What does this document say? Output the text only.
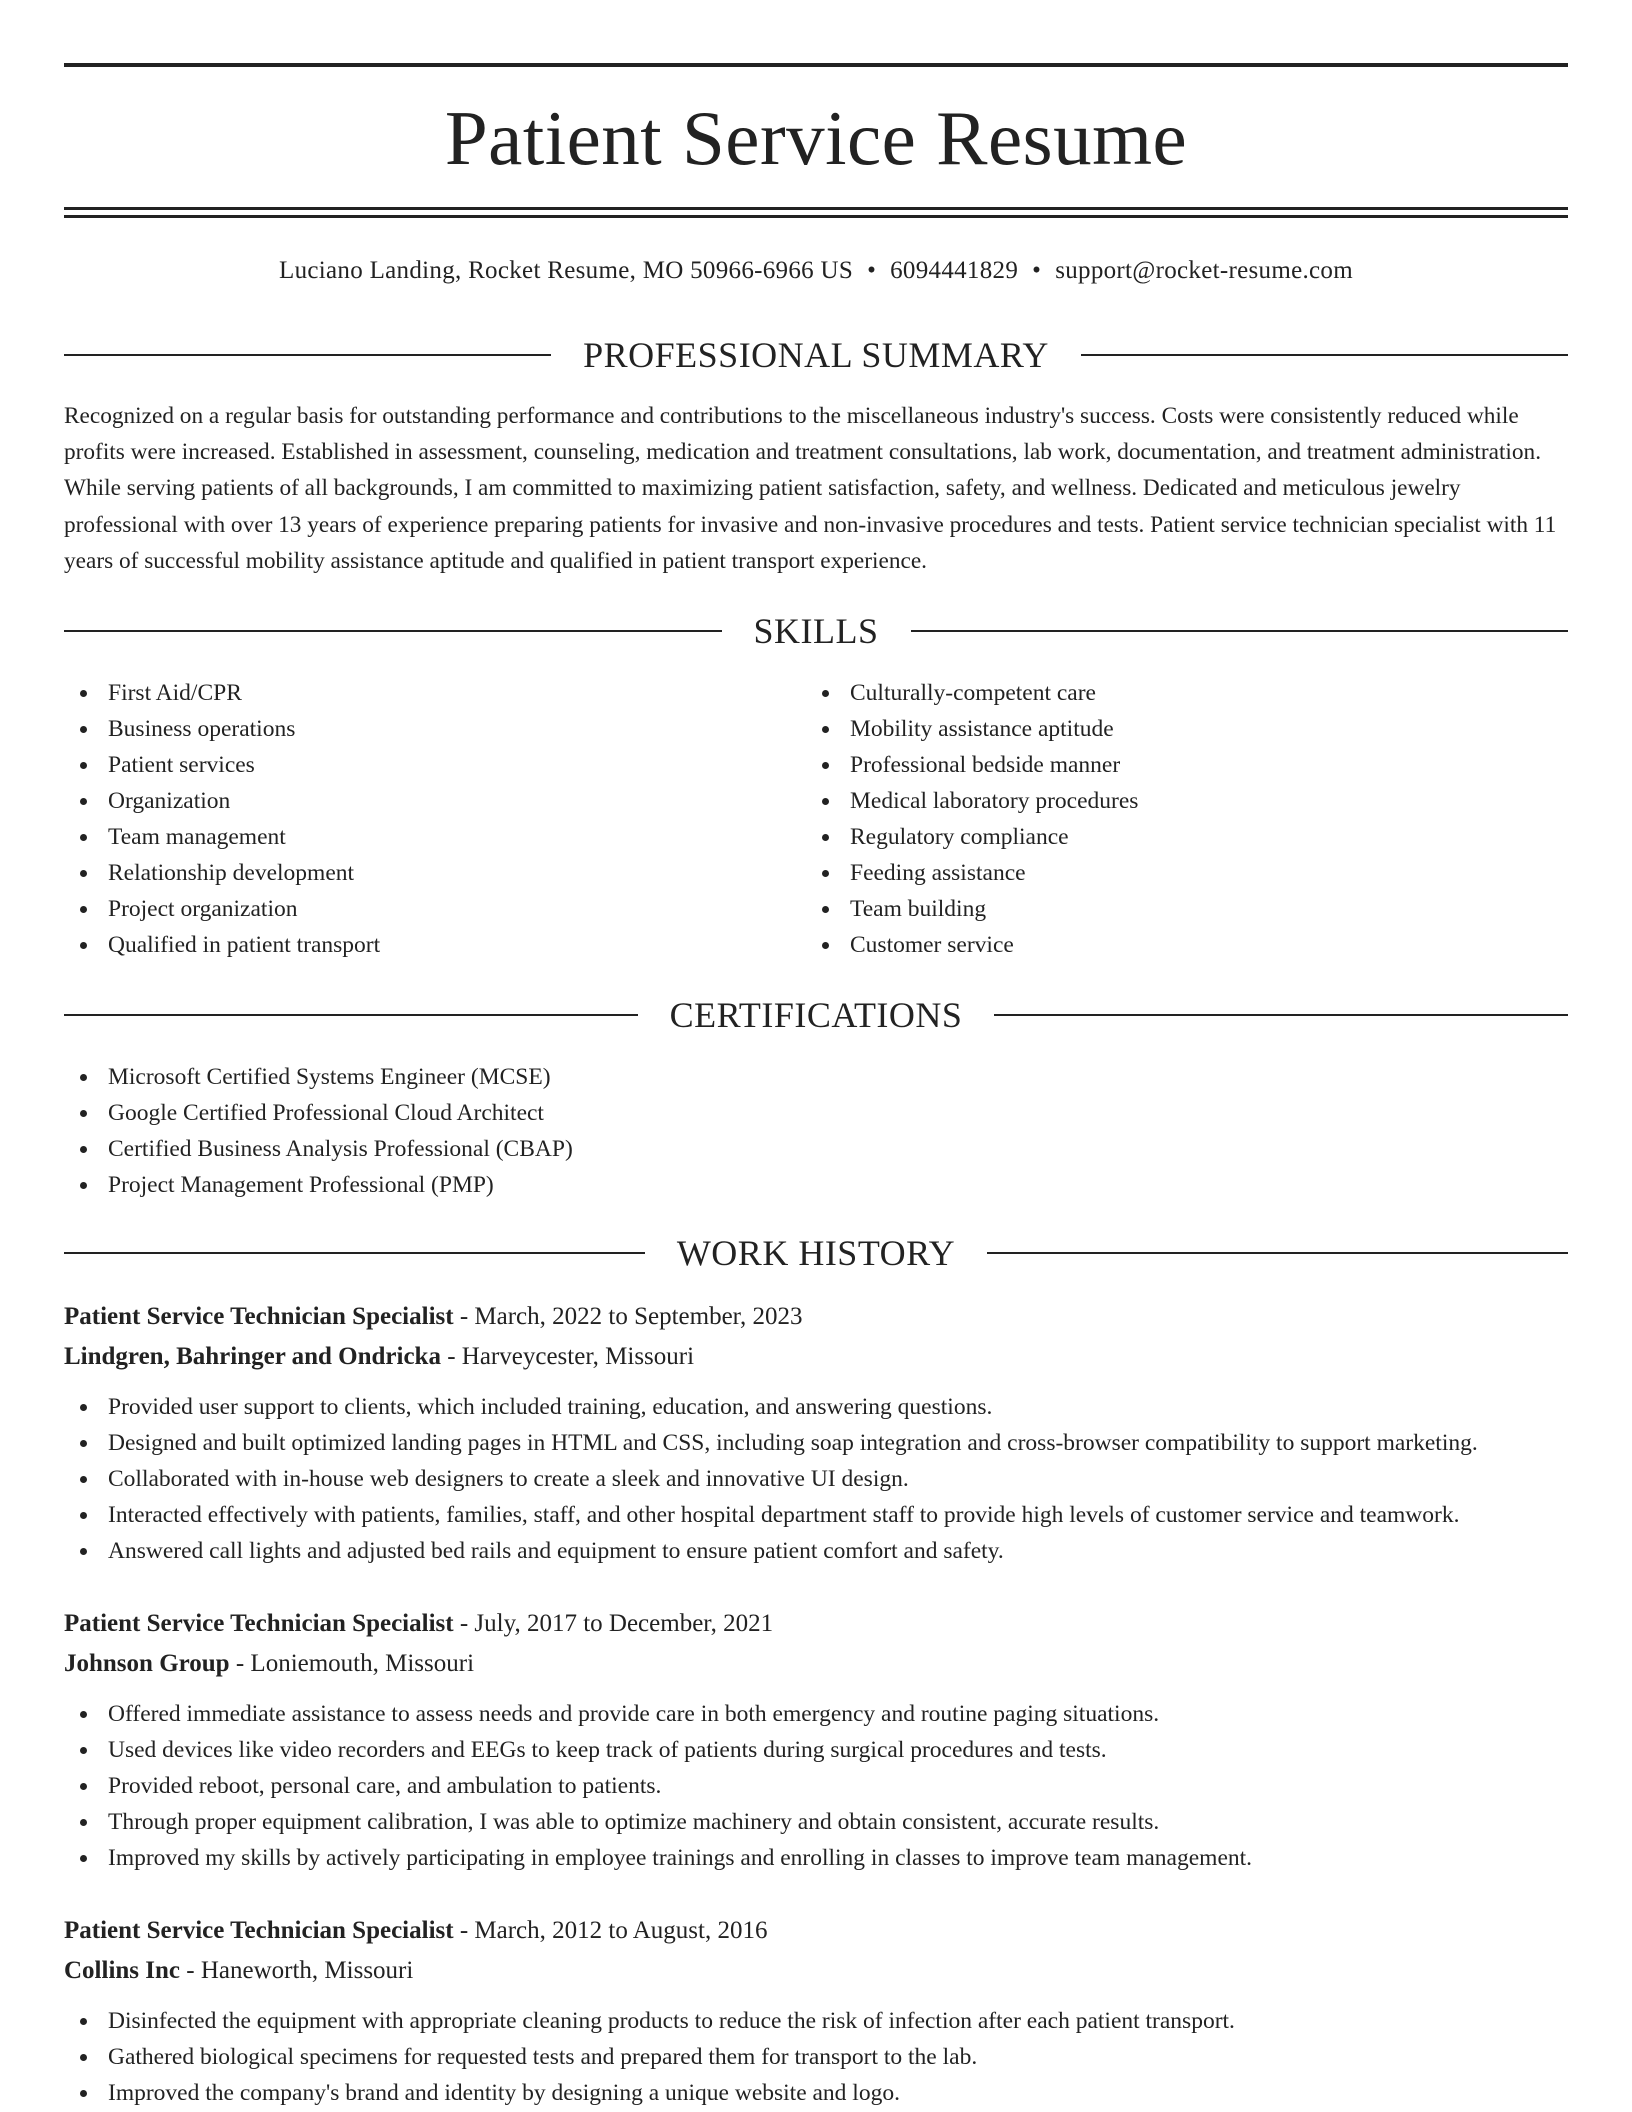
Patient Service Resume
Luciano Landing, Rocket Resume, MO 50966-6966 US • 6094441829 • support@rocket-resume.com
PROFESSIONAL SUMMARY

Recognized on a regular basis for outstanding performance and contributions to the miscellaneous industry's success. Costs were consistently reduced while profits were increased. Established in assessment, counseling, medication and treatment consultations, lab work, documentation, and treatment administration. While serving patients of all backgrounds, I am committed to maximizing patient satisfaction, safety, and wellness. Dedicated and meticulous jewelry professional with over 13 years of experience preparing patients for invasive and non-invasive procedures and tests. Patient service technician specialist with 11 years of successful mobility assistance aptitude and qualified in patient transport experience.

SKILLS
First Aid/CPR
Business operations
Patient services
Organization
Team management
Relationship development
Project organization
Qualified in patient transport
Culturally-competent care
Mobility assistance aptitude
Professional bedside manner
Medical laboratory procedures
Regulatory compliance
Feeding assistance
Team building
Customer service
CERTIFICATIONS
Microsoft Certified Systems Engineer (MCSE)
Google Certified Professional Cloud Architect
Certified Business Analysis Professional (CBAP)
Project Management Professional (PMP)
WORK HISTORY
Patient Service Technician Specialist - March, 2022 to September, 2023
Lindgren, Bahringer and Ondricka - Harveycester, Missouri
Provided user support to clients, which included training, education, and answering questions.
Designed and built optimized landing pages in HTML and CSS, including soap integration and cross-browser compatibility to support marketing.
Collaborated with in-house web designers to create a sleek and innovative UI design.
Interacted effectively with patients, families, staff, and other hospital department staff to provide high levels of customer service and teamwork.
Answered call lights and adjusted bed rails and equipment to ensure patient comfort and safety.
Patient Service Technician Specialist - July, 2017 to December, 2021
Johnson Group - Loniemouth, Missouri
Offered immediate assistance to assess needs and provide care in both emergency and routine paging situations.
Used devices like video recorders and EEGs to keep track of patients during surgical procedures and tests.
Provided reboot, personal care, and ambulation to patients.
Through proper equipment calibration, I was able to optimize machinery and obtain consistent, accurate results.
Improved my skills by actively participating in employee trainings and enrolling in classes to improve team management.
Patient Service Technician Specialist - March, 2012 to August, 2016
Collins Inc - Haneworth, Missouri
Disinfected the equipment with appropriate cleaning products to reduce the risk of infection after each patient transport.
Gathered biological specimens for requested tests and prepared them for transport to the lab.
Improved the company's brand and identity by designing a unique website and logo.
